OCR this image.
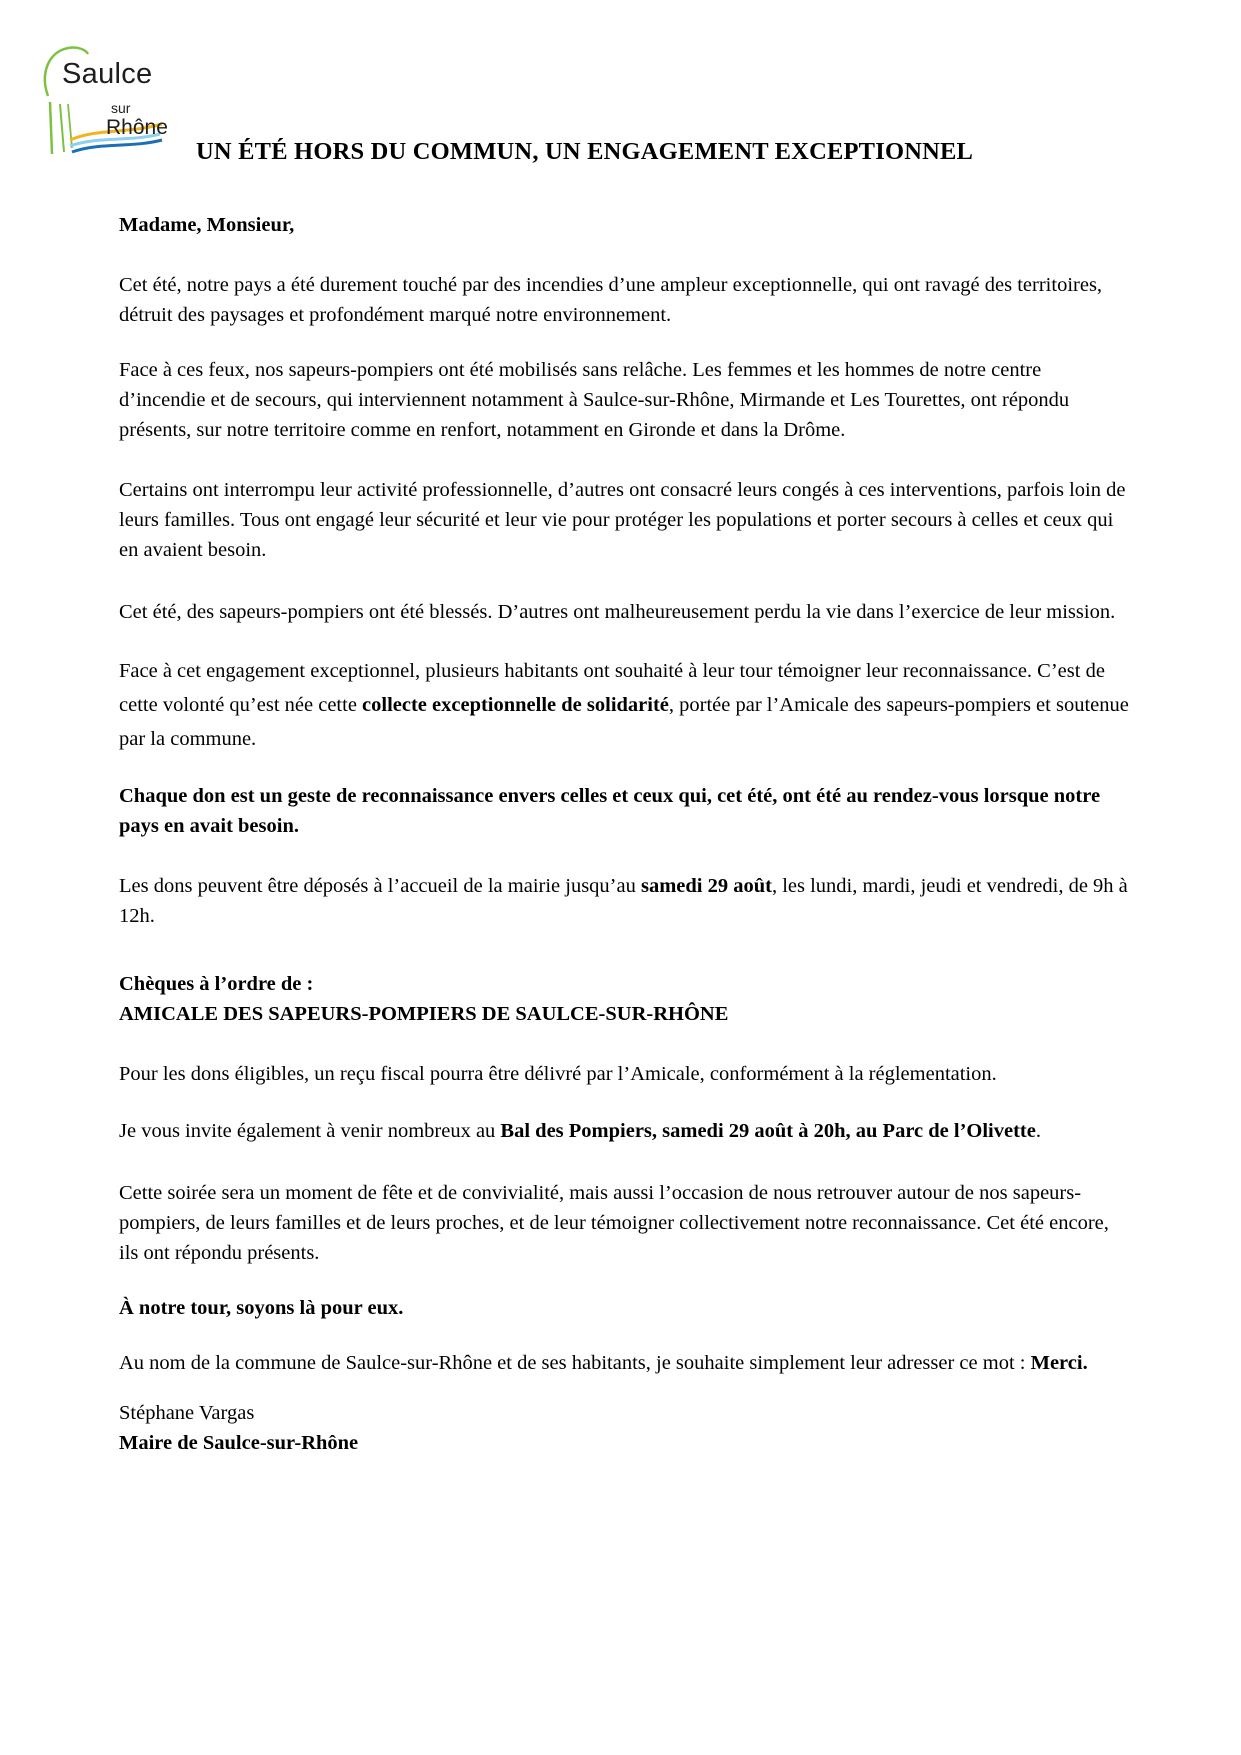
Saulce
sur
Rhône
UN ÉTÉ HORS DU COMMUN, UN ENGAGEMENT EXCEPTIONNEL

Madame, Monsieur,

Cet été, notre pays a été durement touché par des incendies d’une ampleur exceptionnelle, qui ont ravagé des territoires, détruit des paysages et profondément marqué notre environnement.

Face à ces feux, nos sapeurs-pompiers ont été mobilisés sans relâche. Les femmes et les hommes de notre centre d’incendie et de secours, qui interviennent notamment à Saulce-sur-Rhône, Mirmande et Les Tourettes, ont répondu présents, sur notre territoire comme en renfort, notamment en Gironde et dans la Drôme.

Certains ont interrompu leur activité professionnelle, d’autres ont consacré leurs congés à ces interventions, parfois loin de leurs familles. Tous ont engagé leur sécurité et leur vie pour protéger les populations et porter secours à celles et ceux qui en avaient besoin.

Cet été, des sapeurs-pompiers ont été blessés. D’autres ont malheureusement perdu la vie dans l’exercice de leur mission.

Face à cet engagement exceptionnel, plusieurs habitants ont souhaité à leur tour témoigner leur reconnaissance. C’est de cette volonté qu’est née cette collecte exceptionnelle de solidarité, portée par l’Amicale des sapeurs-pompiers et soutenue par la commune.

Chaque don est un geste de reconnaissance envers celles et ceux qui, cet été, ont été au rendez-vous lorsque notre pays en avait besoin.

Les dons peuvent être déposés à l’accueil de la mairie jusqu’au samedi 29 août, les lundi, mardi, jeudi et vendredi, de 9h à 12h.

Chèques à l’ordre de :

AMICALE DES SAPEURS-POMPIERS DE SAULCE-SUR-RHÔNE

Pour les dons éligibles, un reçu fiscal pourra être délivré par l’Amicale, conformément à la réglementation.

Je vous invite également à venir nombreux au Bal des Pompiers, samedi 29 août à 20h, au Parc de l’Olivette.

Cette soirée sera un moment de fête et de convivialité, mais aussi l’occasion de nous retrouver autour de nos sapeurs-pompiers, de leurs familles et de leurs proches, et de leur témoigner collectivement notre reconnaissance. Cet été encore, ils ont répondu présents.

À notre tour, soyons là pour eux.

Au nom de la commune de Saulce-sur-Rhône et de ses habitants, je souhaite simplement leur adresser ce mot : Merci.

Stéphane Vargas

Maire de Saulce-sur-Rhône
